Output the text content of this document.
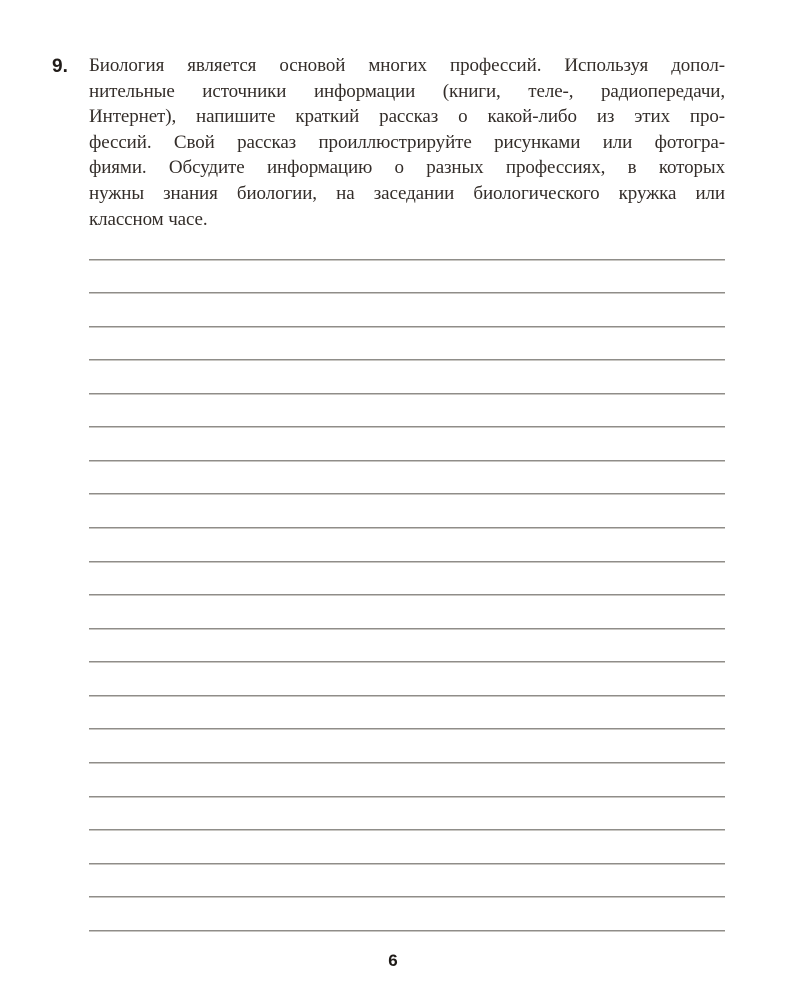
9. Биология является основой многих профессий. Используя допол-
нительные источники информации (книги, теле-, радиопередачи,
Интернет), напишите краткий рассказ о какой-либо из этих про-
фессий. Свой рассказ проиллюстрируйте рисунками или фотогра-
фиями. Обсудите информацию о разных профессиях, в которых
нужны знания биологии, на заседании биологического кружка или
классном часе.
6
